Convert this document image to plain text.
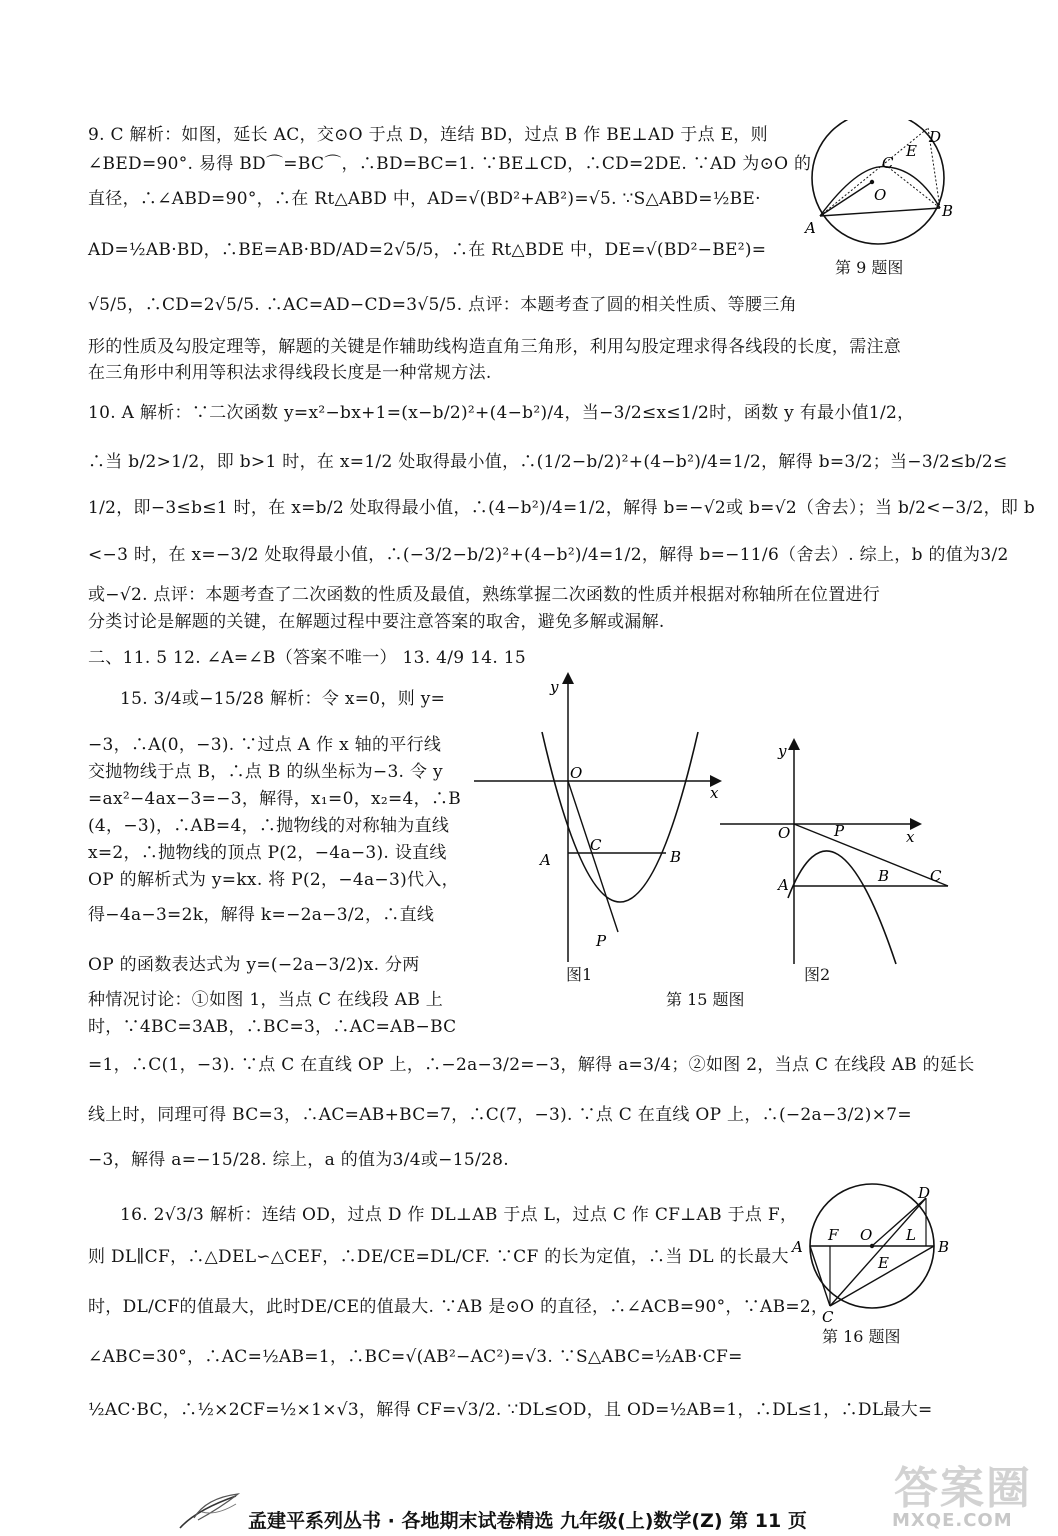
9. C 解析：如图，延长 AC，交⊙O 于点 D，连结 BD，过点 B 作 BE⊥AD 于点 E，则
∠BED=90°. 易得 BD⌒=BC⌒，∴BD=BC=1. ∵BE⊥CD，∴CD=2DE. ∵AD 为⊙O 的
直径，∴∠ABD=90°，∴在 Rt△ABD 中，AD=√(BD²+AB²)=√5. ∵S△ABD=½BE·
AD=½AB·BD，∴BE=AB·BD/AD=2√5/5，∴在 Rt△BDE 中，DE=√(BD²−BE²)=
√5/5，∴CD=2√5/5. ∴AC=AD−CD=3√5/5. 点评：本题考查了圆的相关性质、等腰三角
形的性质及勾股定理等，解题的关键是作辅助线构造直角三角形，利用勾股定理求得各线段的长度，需注意
在三角形中利用等积法求得线段长度是一种常规方法.
D
E
C
O
A
B
第 9 题图
10. A 解析：∵二次函数 y=x²−bx+1=(x−b/2)²+(4−b²)/4，当−3/2≤x≤1/2时，函数 y 有最小值1/2，
∴当 b/2>1/2，即 b>1 时，在 x=1/2 处取得最小值，∴(1/2−b/2)²+(4−b²)/4=1/2，解得 b=3/2；当−3/2≤b/2≤
1/2，即−3≤b≤1 时，在 x=b/2 处取得最小值，∴(4−b²)/4=1/2，解得 b=−√2或 b=√2（舍去）；当 b/2<−3/2，即 b
<−3 时，在 x=−3/2 处取得最小值，∴(−3/2−b/2)²+(4−b²)/4=1/2，解得 b=−11/6（舍去）. 综上，b 的值为3/2
或−√2. 点评：本题考查了二次函数的性质及最值，熟练掌握二次函数的性质并根据对称轴所在位置进行
分类讨论是解题的关键，在解题过程中要注意答案的取舍，避免多解或漏解.
二、11. 5 12. ∠A=∠B（答案不唯一） 13. 4/9 14. 15
15. 3/4或−15/28 解析：令 x=0，则 y=
−3，∴A(0，−3). ∵过点 A 作 x 轴的平行线
交抛物线于点 B，∴点 B 的纵坐标为−3. 令 y
=ax²−4ax−3=−3，解得，x₁=0，x₂=4，∴B
(4，−3)，∴AB=4，∴抛物线的对称轴为直线
x=2，∴抛物线的顶点 P(2，−4a−3). 设直线
OP 的解析式为 y=kx. 将 P(2，−4a−3)代入，
得−4a−3=2k，解得 k=−2a−3/2，∴直线
OP 的函数表达式为 y=(−2a−3/2)x. 分两
种情况讨论：①如图 1，当点 C 在线段 AB 上
时，∵4BC=3AB，∴BC=3，∴AC=AB−BC
=1，∴C(1，−3). ∵点 C 在直线 OP 上，∴−2a−3/2=−3，解得 a=3/4；②如图 2，当点 C 在线段 AB 的延长
线上时，同理可得 BC=3，∴AC=AB+BC=7，∴C(7，−3). ∵点 C 在直线 OP 上，∴(−2a−3/2)×7=
−3，解得 a=−15/28. 综上，a 的值为3/4或−15/28.
y
x
O
A
C
B
P
图1
y
x
O	P
A	B	C
图2
第 15 题图
16. 2√3/3 解析：连结 OD，过点 D 作 DL⊥AB 于点 L，过点 C 作 CF⊥AB 于点 F，
则 DL∥CF，∴△DEL∽△CEF，∴DE/CE=DL/CF. ∵CF 的长为定值，∴当 DL 的长最大
时，DL/CF的值最大，此时DE/CE的值最大. ∵AB 是⊙O 的直径，∴∠ACB=90°，∵AB=2，
∠ABC=30°，∴AC=½AB=1，∴BC=√(AB²−AC²)=√3. ∵S△ABC=½AB·CF=
½AC·BC，∴½×2CF=½×1×√3，解得 CF=√3/2. ∵DL≤OD，且 OD=½AB=1，∴DL≤1，∴DL最大=
D
A
F O L
B
E
C
第 16 题图
孟建平系列丛书 · 各地期末试卷精选 九年级(上)数学(Z) 第 11 页
答案圈
MXQE.COM
